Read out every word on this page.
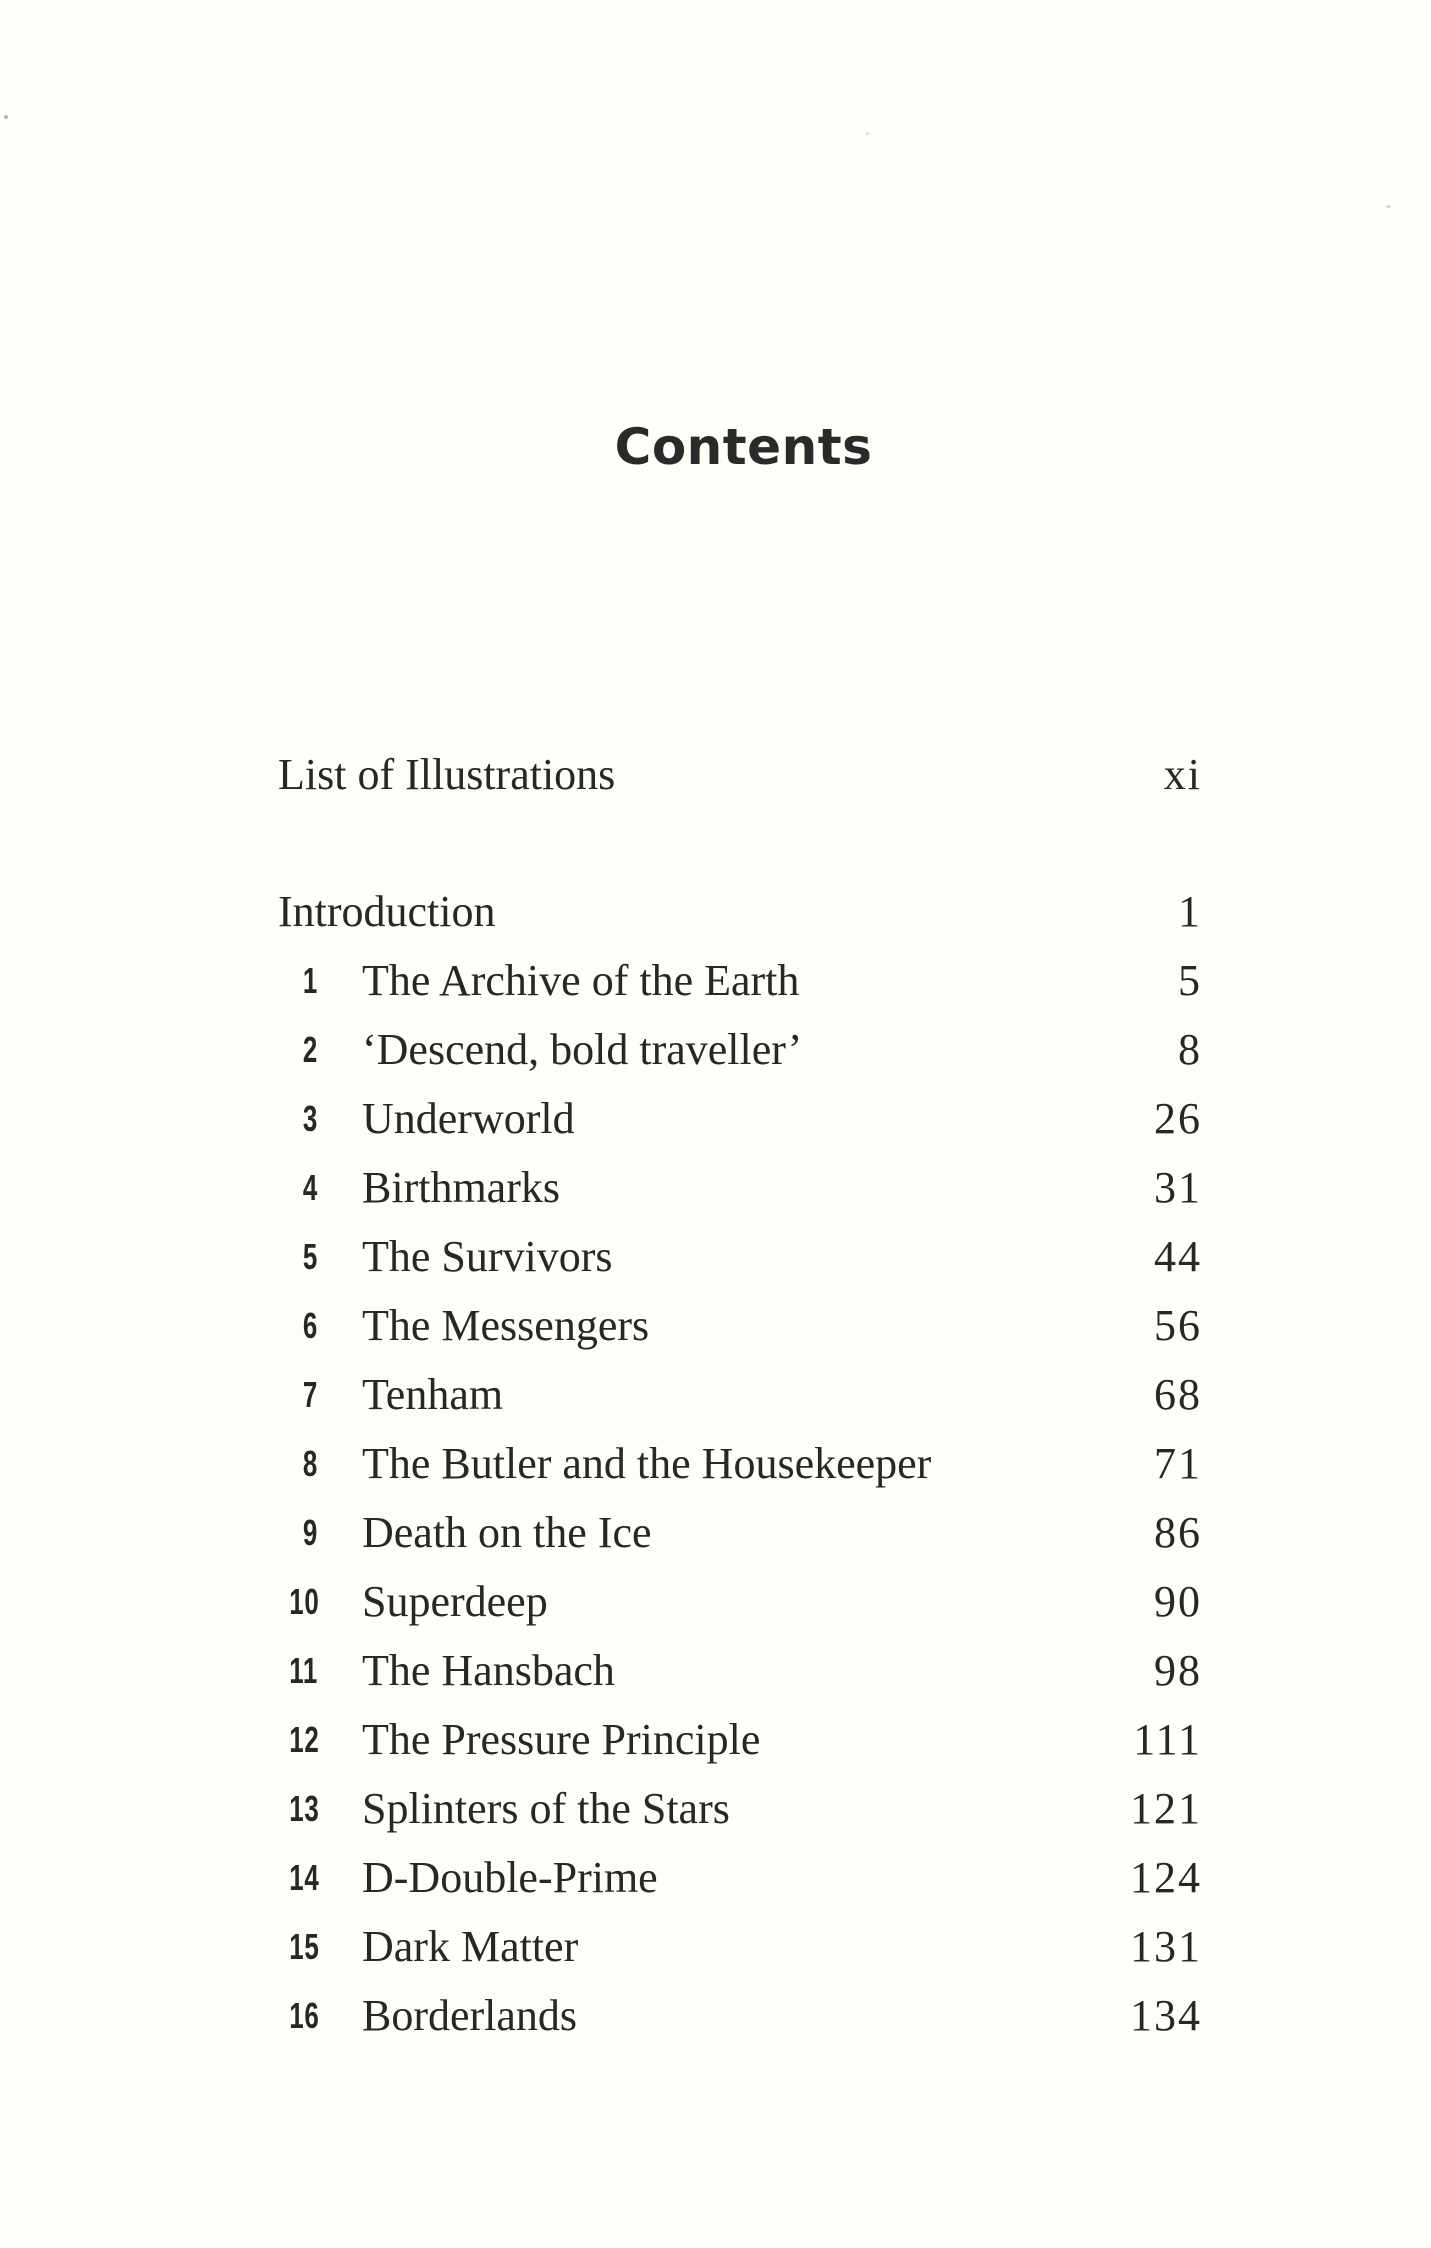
Contents
List of Illustrations	xi
Introduction	1
1 The Archive of the Earth	5
2 ‘Descend, bold traveller’	8
3 Underworld	26
4 Birthmarks	31
5 The Survivors	44
6 The Messengers	56
7 Tenham	68
8 The Butler and the Housekeeper	71
9 Death on the Ice	86
10 Superdeep	90
11 The Hansbach	98
12 The Pressure Principle	111
13 Splinters of the Stars	121
14 D-Double-Prime	124
15 Dark Matter	131
16 Borderlands	134
